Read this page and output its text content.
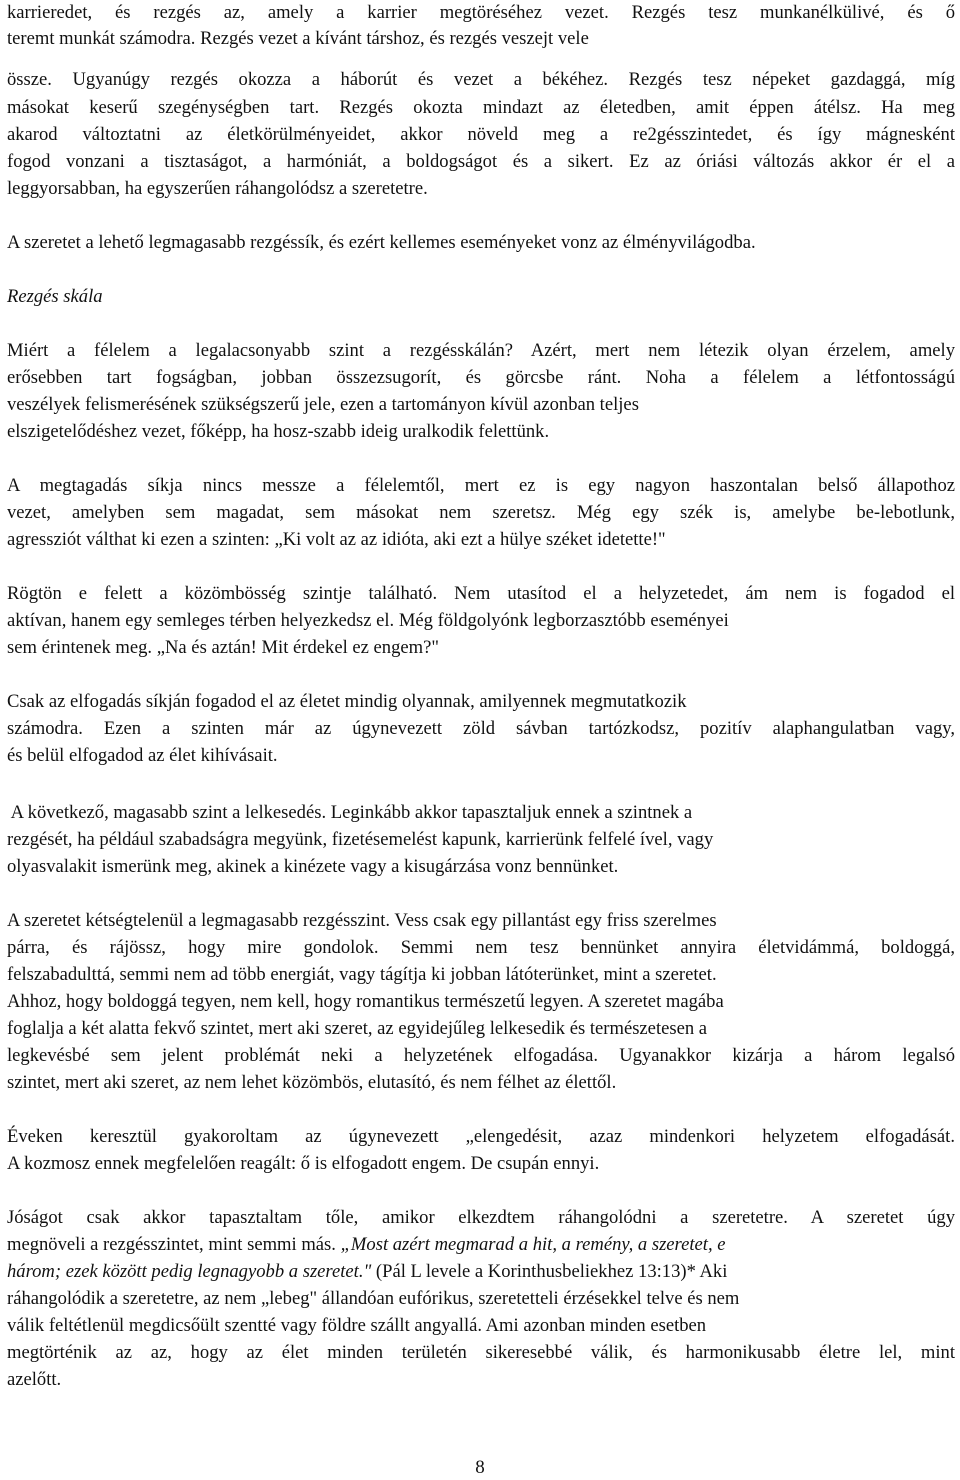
karrieredet, és rezgés az, amely a karrier megtöréséhez vezet. Rezgés tesz munkanélkülivé, és ő
teremt munkát számodra. Rezgés vezet a kívánt társhoz, és rezgés veszejt vele
össze. Ugyanúgy rezgés okozza a háborút és vezet a békéhez. Rezgés tesz népeket gazdaggá, míg
másokat keserű szegénységben tart. Rezgés okozta mindazt az életedben, amit éppen átélsz. Ha meg
akarod változtatni az életkörülményeidet, akkor növeld meg a re2gésszintedet, és így mágnesként
fogod vonzani a tisztaságot, a harmóniát, a boldogságot és a sikert. Ez az óriási változás akkor ér el a
leggyorsabban, ha egyszerűen ráhangolódsz a szeretetre.
A szeretet a lehető legmagasabb rezgéssík, és ezért kellemes eseményeket vonz az élményvilágodba.
Rezgés skála
Miért a félelem a legalacsonyabb szint a rezgésskálán? Azért, mert nem létezik olyan érzelem, amely
erősebben tart fogságban, jobban összezsugorít, és görcsbe ránt. Noha a félelem a létfontosságú
veszélyek felismerésének szükségszerű jele, ezen a tartományon kívül azonban teljes
elszigetelődéshez vezet, főképp, ha hosz-szabb ideig uralkodik felettünk.
A megtagadás síkja nincs messze a félelemtől, mert ez is egy nagyon haszontalan belső állapothoz
vezet, amelyben sem magadat, sem másokat nem szeretsz. Még egy szék is, amelybe be-lebotlunk,
agressziót válthat ki ezen a szinten: „Ki volt az az idióta, aki ezt a hülye széket idetette!"
Rögtön e felett a közömbösség szintje található. Nem utasítod el a helyzetedet, ám nem is fogadod el
aktívan, hanem egy semleges térben helyezkedsz el. Még földgolyónk legborzasztóbb eseményei
sem érintenek meg. „Na és aztán! Mit érdekel ez engem?"
Csak az elfogadás síkján fogadod el az életet mindig olyannak, amilyennek megmutatkozik
számodra. Ezen a szinten már az úgynevezett zöld sávban tartózkodsz, pozitív alaphangulatban vagy,
és belül elfogadod az élet kihívásait.
A következő, magasabb szint a lelkesedés. Leginkább akkor tapasztaljuk ennek a szintnek a
rezgését, ha például szabadságra megyünk, fizetésemelést kapunk, karrierünk felfelé ível, vagy
olyasvalakit ismerünk meg, akinek a kinézete vagy a kisugárzása vonz bennünket.
A szeretet kétségtelenül a legmagasabb rezgésszint. Vess csak egy pillantást egy friss szerelmes
párra, és rájössz, hogy mire gondolok. Semmi nem tesz bennünket annyira életvidámmá, boldoggá,
felszabadulttá, semmi nem ad több energiát, vagy tágítja ki jobban látóterünket, mint a szeretet.
Ahhoz, hogy boldoggá tegyen, nem kell, hogy romantikus természetű legyen. A szeretet magába
foglalja a két alatta fekvő szintet, mert aki szeret, az egyidejűleg lelkesedik és természetesen a
legkevésbé sem jelent problémát neki a helyzetének elfogadása. Ugyanakkor kizárja a három legalsó
szintet, mert aki szeret, az nem lehet közömbös, elutasító, és nem félhet az élettől.
Éveken keresztül gyakoroltam az úgynevezett „elengedésit, azaz mindenkori helyzetem elfogadását.
A kozmosz ennek megfelelően reagált: ő is elfogadott engem. De csupán ennyi.
Jóságot csak akkor tapasztaltam tőle, amikor elkezdtem ráhangolódni a szeretetre. A szeretet úgy
megnöveli a rezgésszintet, mint semmi más. „Most azért megmarad a hit, a remény, a szeretet, e
három; ezek között pedig legnagyobb a szeretet." (Pál L levele a Korinthusbeliekhez 13:13)* Aki
ráhangolódik a szeretetre, az nem „lebeg" állandóan eufórikus, szeretetteli érzésekkel telve és nem
válik feltétlenül megdicsőült szentté vagy földre szállt angyallá. Ami azonban minden esetben
megtörténik az az, hogy az élet minden területén sikeresebbé válik, és harmonikusabb életre lel, mint
azelőtt.
8
